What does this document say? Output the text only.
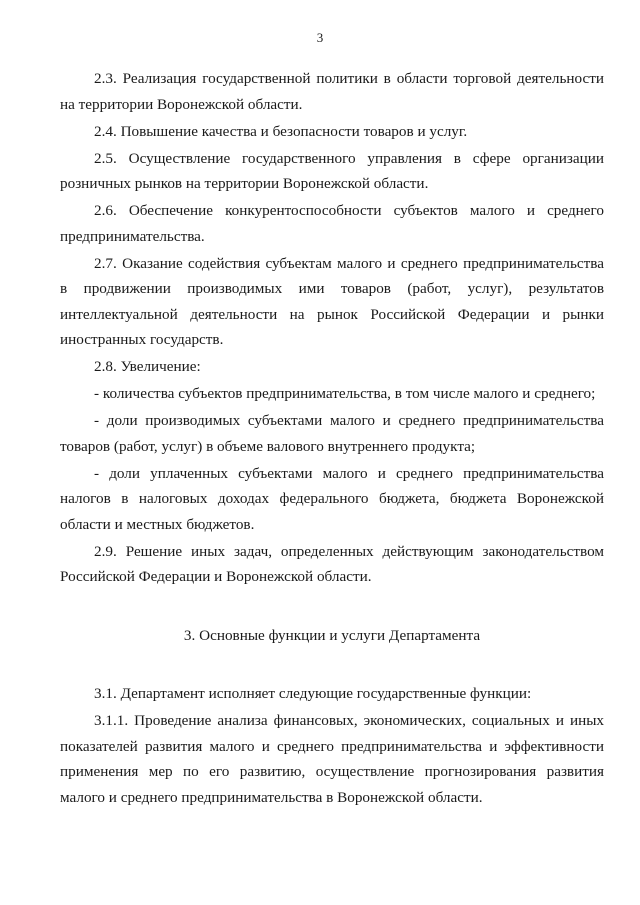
3

2.3. Реализация государственной политики в области торговой деятельности на территории Воронежской области.

2.4. Повышение качества и безопасности товаров и услуг.

2.5. Осуществление государственного управления в сфере организации розничных рынков на территории Воронежской области.

2.6. Обеспечение конкурентоспособности субъектов малого и среднего предпринимательства.

2.7. Оказание содействия субъектам малого и среднего предпринимательства в продвижении производимых ими товаров (работ, услуг), результатов интеллектуальной деятельности на рынок Российской Федерации и рынки иностранных государств.

2.8. Увеличение:

- количества субъектов предпринимательства, в том числе малого и среднего;

- доли производимых субъектами малого и среднего предпринимательства товаров (работ, услуг) в объеме валового внутреннего продукта;

- доли уплаченных субъектами малого и среднего предпринимательства налогов в налоговых доходах федерального бюджета, бюджета Воронежской области и местных бюджетов.

2.9. Решение иных задач, определенных действующим законодательством Российской Федерации и Воронежской области.

3. Основные функции и услуги Департамента

3.1. Департамент исполняет следующие государственные функции:

3.1.1. Проведение анализа финансовых, экономических, социальных и иных показателей развития малого и среднего предпринимательства и эффективности применения мер по его развитию, осуществление прогнозирования развития малого и среднего предпринимательства в Воронежской области.
